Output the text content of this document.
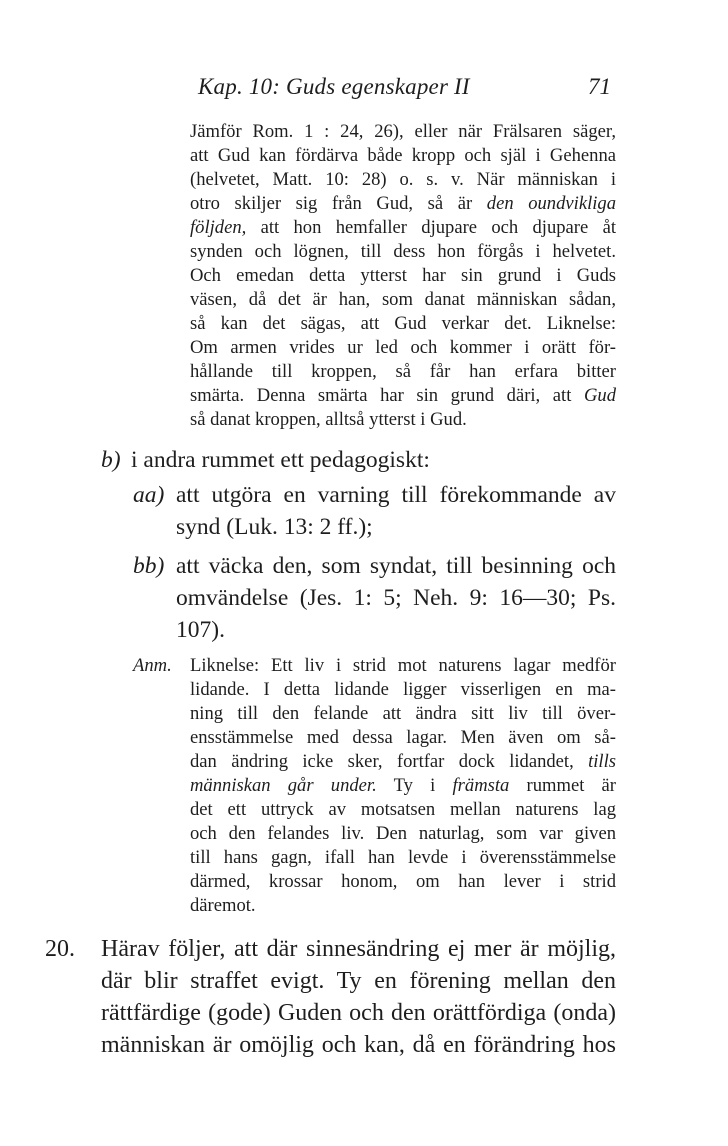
Kap. 10: Guds egenskaper II	71
Jämför Rom. 1 : 24, 26), eller när Frälsaren säger,
att Gud kan fördärva både kropp och själ i Gehenna
(helvetet, Matt. 10: 28) o. s. v. När människan i
otro skiljer sig från Gud, så är den oundvikliga
följden, att hon hemfaller djupare och djupare åt
synden och lögnen, till dess hon förgås i helvetet.
Och emedan detta ytterst har sin grund i Guds
väsen, då det är han, som danat människan sådan,
så kan det sägas, att Gud verkar det. Liknelse:
Om armen vrides ur led och kommer i orätt för-
hållande till kroppen, så får han erfara bitter
smärta. Denna smärta har sin grund däri, att Gud
så danat kroppen, alltså ytterst i Gud.
b) i andra rummet ett pedagogiskt:
aa) att utgöra en varning till förekommande av
synd (Luk. 13: 2 ff.);
bb) att väcka den, som syndat, till besinning och
omvändelse (Jes. 1: 5; Neh. 9: 16—30; Ps.
107).
Anm. Liknelse: Ett liv i strid mot naturens lagar medför
lidande. I detta lidande ligger visserligen en ma-
ning till den felande att ändra sitt liv till över-
ensstämmelse med dessa lagar. Men även om så-
dan ändring icke sker, fortfar dock lidandet, tills
människan går under. Ty i främsta rummet är
det ett uttryck av motsatsen mellan naturens lag
och den felandes liv. Den naturlag, som var given
till hans gagn, ifall han levde i överensstämmelse
därmed, krossar honom, om han lever i strid
däremot.
20. Härav följer, att där sinnesändring ej mer är möjlig,
där blir straffet evigt. Ty en förening mellan den
rättfärdige (gode) Guden och den orättfördiga (onda)
människan är omöjlig och kan, då en förändring hos
